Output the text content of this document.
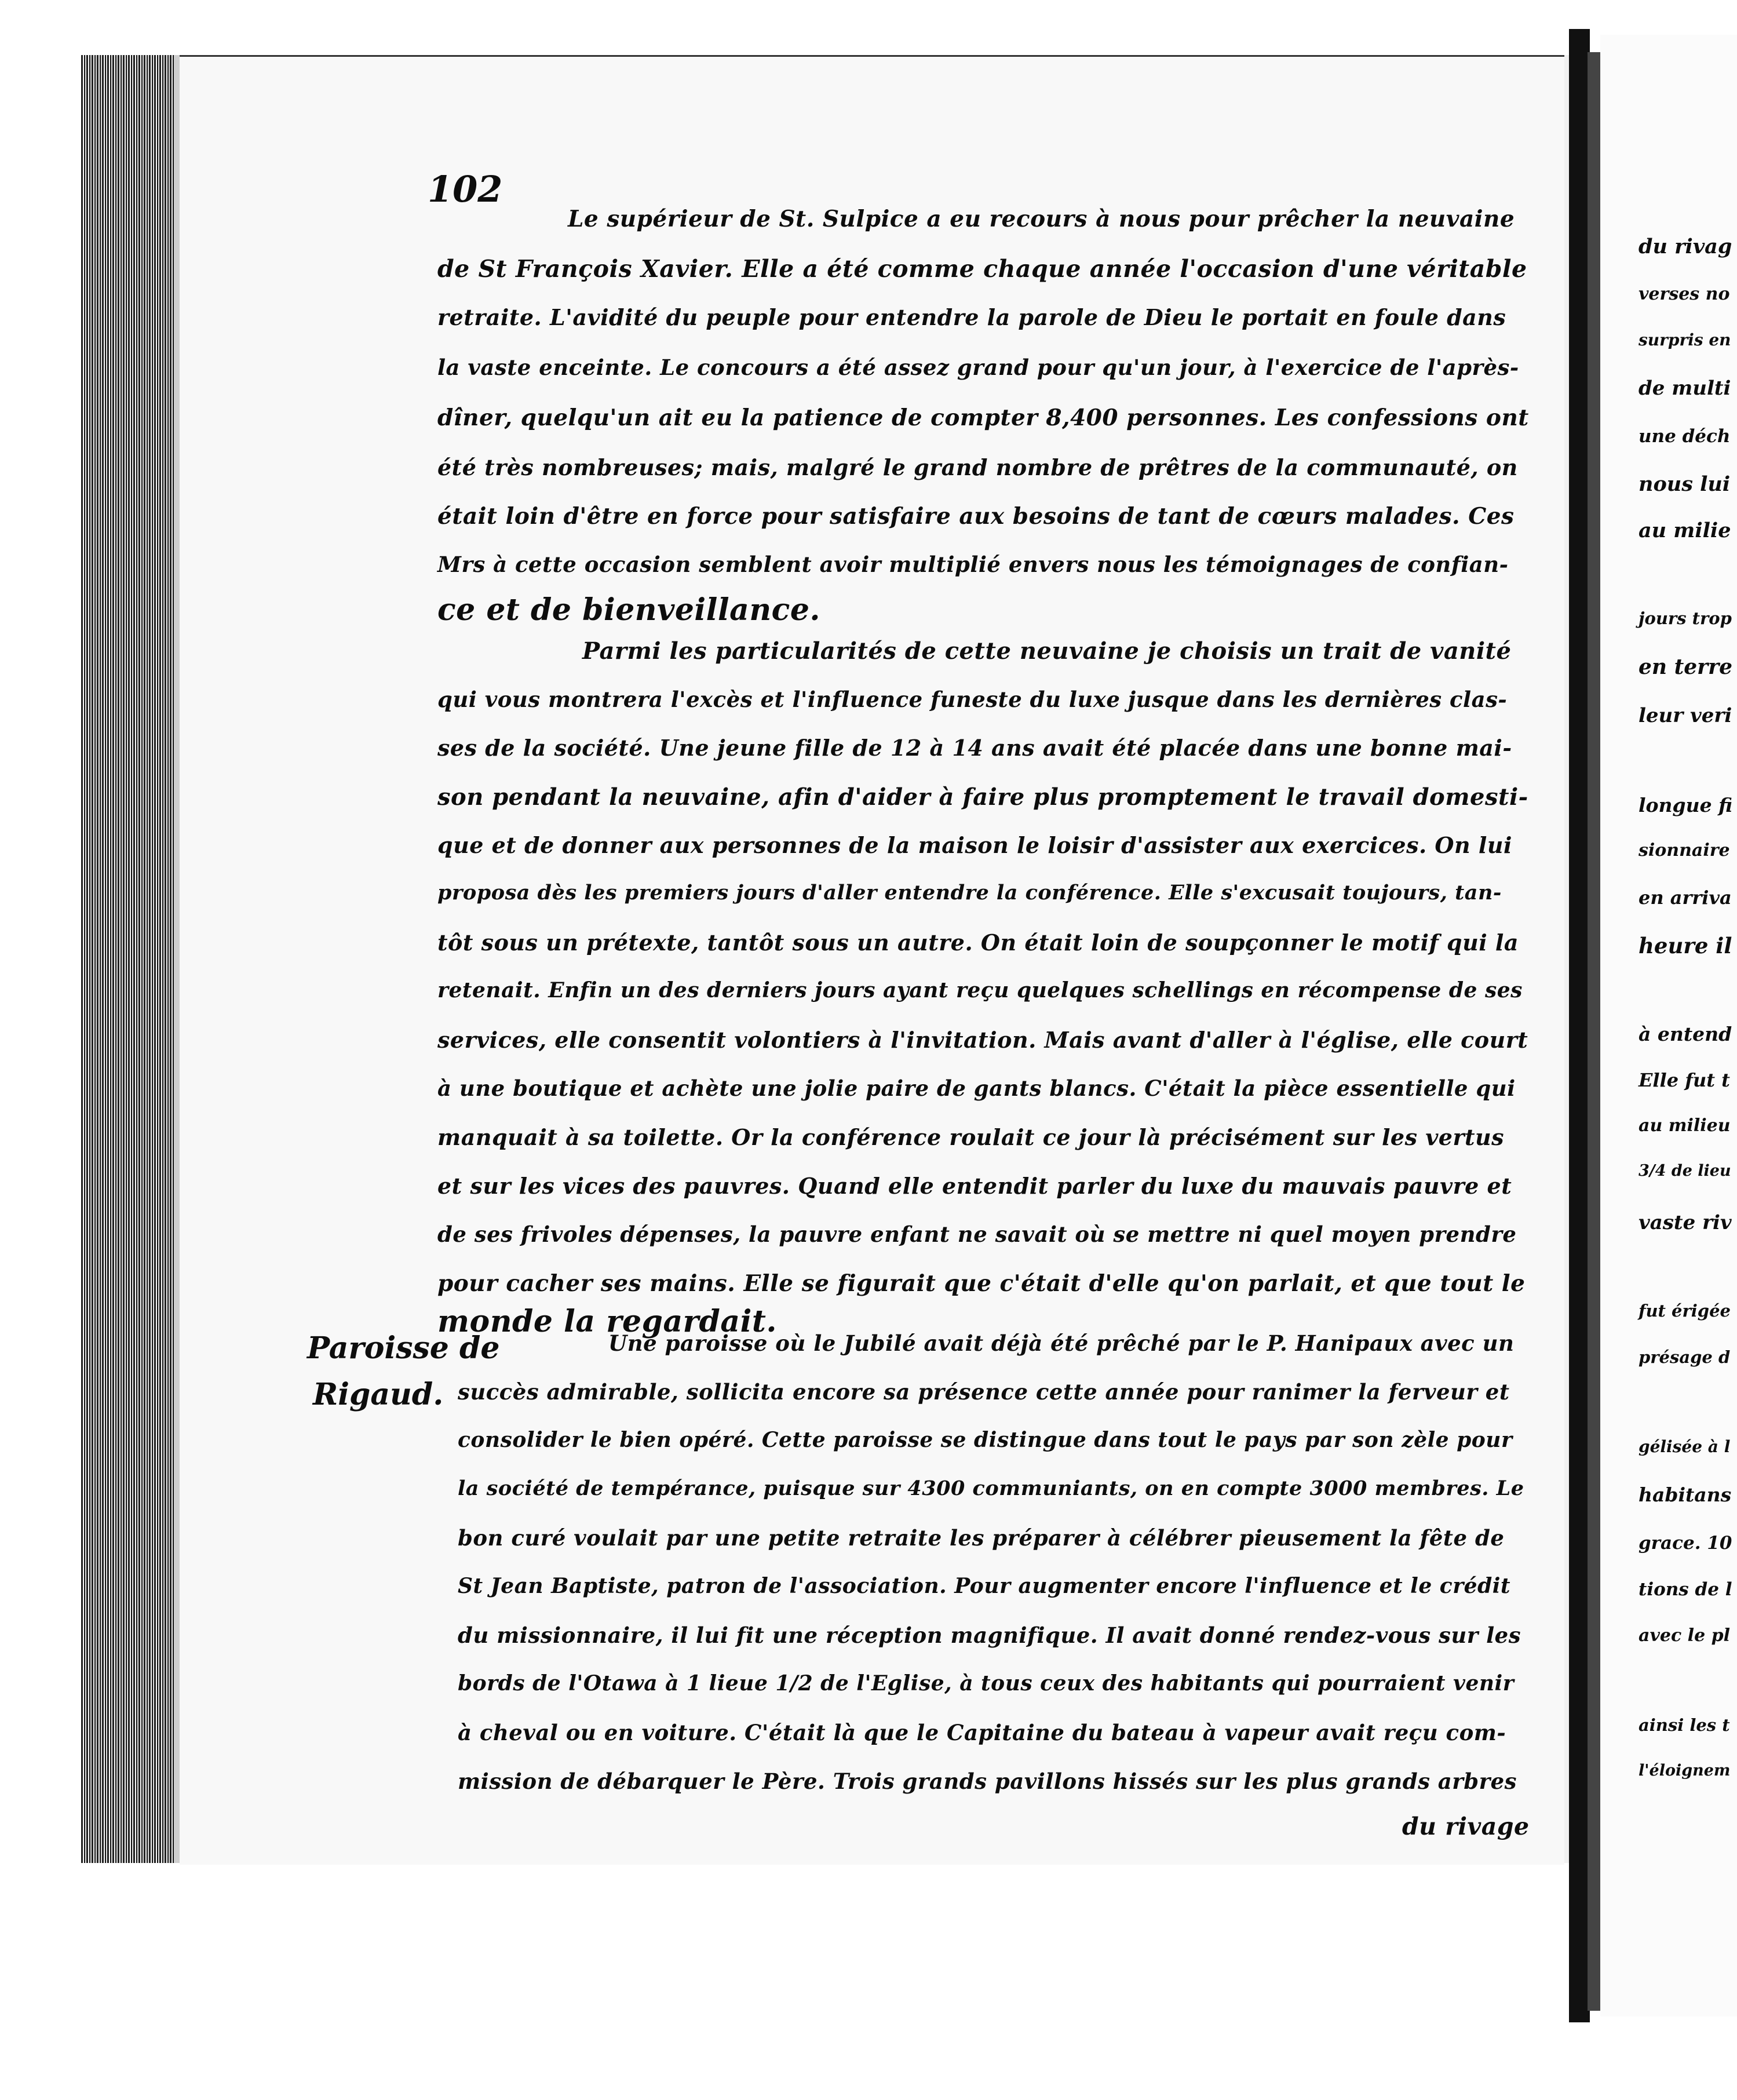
102
Paroisse de
Rigaud.
Le supérieur de St. Sulpice a eu recours à nous pour prêcher la neuvaine
de St François Xavier. Elle a été comme chaque année l'occasion d'une véritable
retraite. L'avidité du peuple pour entendre la parole de Dieu le portait en foule dans
la vaste enceinte. Le concours a été assez grand pour qu'un jour, à l'exercice de l'après-
dîner, quelqu'un ait eu la patience de compter 8,400 personnes. Les confessions ont
été très nombreuses; mais, malgré le grand nombre de prêtres de la communauté, on
était loin d'être en force pour satisfaire aux besoins de tant de cœurs malades. Ces
Mrs à cette occasion semblent avoir multiplié envers nous les témoignages de confian-
ce et de bienveillance.
Parmi les particularités de cette neuvaine je choisis un trait de vanité
qui vous montrera l'excès et l'influence funeste du luxe jusque dans les dernières clas-
ses de la société. Une jeune fille de 12 à 14 ans avait été placée dans une bonne mai-
son pendant la neuvaine, afin d'aider à faire plus promptement le travail domesti-
que et de donner aux personnes de la maison le loisir d'assister aux exercices. On lui
proposa dès les premiers jours d'aller entendre la conférence. Elle s'excusait toujours, tan-
tôt sous un prétexte, tantôt sous un autre. On était loin de soupçonner le motif qui la
retenait. Enfin un des derniers jours ayant reçu quelques schellings en récompense de ses
services, elle consentit volontiers à l'invitation. Mais avant d'aller à l'église, elle court
à une boutique et achète une jolie paire de gants blancs. C'était la pièce essentielle qui
manquait à sa toilette. Or la conférence roulait ce jour là précisément sur les vertus
et sur les vices des pauvres. Quand elle entendit parler du luxe du mauvais pauvre et
de ses frivoles dépenses, la pauvre enfant ne savait où se mettre ni quel moyen prendre
pour cacher ses mains. Elle se figurait que c'était d'elle qu'on parlait, et que tout le
monde la regardait.
Une paroisse où le Jubilé avait déjà été prêché par le P. Hanipaux avec un
succès admirable, sollicita encore sa présence cette année pour ranimer la ferveur et
consolider le bien opéré. Cette paroisse se distingue dans tout le pays par son zèle pour
la société de tempérance, puisque sur 4300 communiants, on en compte 3000 membres. Le
bon curé voulait par une petite retraite les préparer à célébrer pieusement la fête de
St Jean Baptiste, patron de l'association. Pour augmenter encore l'influence et le crédit
du missionnaire, il lui fit une réception magnifique. Il avait donné rendez-vous sur les
bords de l'Otawa à 1 lieue 1/2 de l'Eglise, à tous ceux des habitants qui pourraient venir
à cheval ou en voiture. C'était là que le Capitaine du bateau à vapeur avait reçu com-
mission de débarquer le Père. Trois grands pavillons hissés sur les plus grands arbres
du rivage
du rivag
verses no
surpris en
de multi
une déch
nous lui
au milie
jours trop
en terre
leur veri
longue fi
sionnaire
en arriva
heure il
à entend
Elle fut t
au milieu
3/4 de lieu
vaste riv
fut érigée
présage d
gélisée à l
habitans
grace. 10
tions de l
avec le pl
ainsi les t
l'éloignem
